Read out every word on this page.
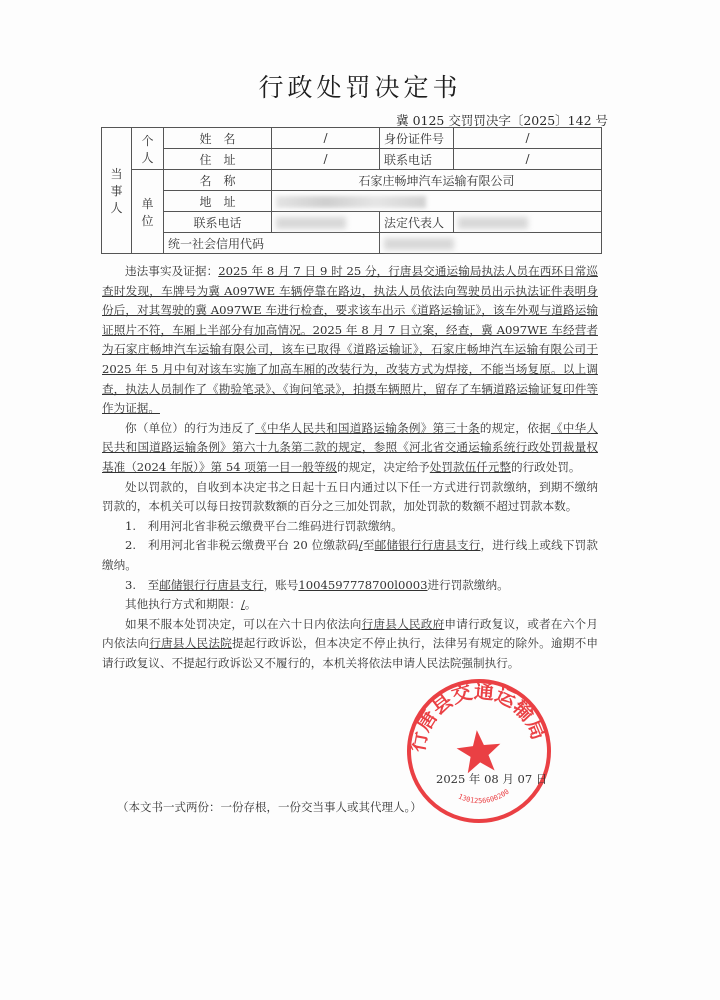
行政处罚决定书
冀 0125 交罚罚决字〔2025〕142 号
当事人	个人	姓　名	/	身份证件号	/
		住　址	/	联系电话	/
	单位	名　称	石家庄畅坤汽车运输有限公司		
		地　址			
		联系电话		法定代表人	
		统一社会信用代码			

违法事实及证据：2025 年 8 月 7 日 9 时 25 分，行唐县交通运输局执法人员在西环日常巡查时发现，车牌号为冀 A097WE 车辆停靠在路边，执法人员依法向驾驶员出示执法证件表明身份后，对其驾驶的冀 A097WE 车进行检查，要求该车出示《道路运输证》，该车外观与道路运输证照片不符，车厢上半部分有加高情况。2025 年 8 月 7 日立案，经查，冀 A097WE 车经营者为石家庄畅坤汽车运输有限公司，该车已取得《道路运输证》，石家庄畅坤汽车运输有限公司于 2025 年 5 月中旬对该车实施了加高车厢的改装行为，改装方式为焊接，不能当场复原。以上调查，执法人员制作了《勘验笔录》、《询问笔录》，拍摄车辆照片，留存了车辆道路运输证复印件等作为证据。

你（单位）的行为违反了《中华人民共和国道路运输条例》第三十条的规定，依据《中华人民共和国道路运输条例》第六十九条第二款的规定，参照《河北省交通运输系统行政处罚裁量权基准（2024 年版）》第 54 项第一目一般等级的规定，决定给予处罚款伍仟元整的行政处罚。

处以罚款的，自收到本决定书之日起十五日内通过以下任一方式进行罚款缴纳，到期不缴纳罚款的，本机关可以每日按罚款数额的百分之三加处罚款，加处罚款的数额不超过罚款本数。

1.　利用河北省非税云缴费平台二维码进行罚款缴纳。

2.　利用河北省非税云缴费平台 20 位缴款码/至邮储银行行唐县支行，进行线上或线下罚款缴纳。

3.　至邮储银行行唐县支行，账号1004597778700l0003进行罚款缴纳。

其他执行方式和期限：/。

如果不服本处罚决定，可以在六十日内依法向行唐县人民政府申请行政复议，或者在六个月内依法向行唐县人民法院提起行政诉讼，但本决定不停止执行，法律另有规定的除外。逾期不申请行政复议、不提起行政诉讼又不履行的，本机关将依法申请人民法院强制执行。

行唐县交通运输局
1301256600200
2025 年 08 月 07 日
（本文书一式两份：一份存根，一份交当事人或其代理人。）
